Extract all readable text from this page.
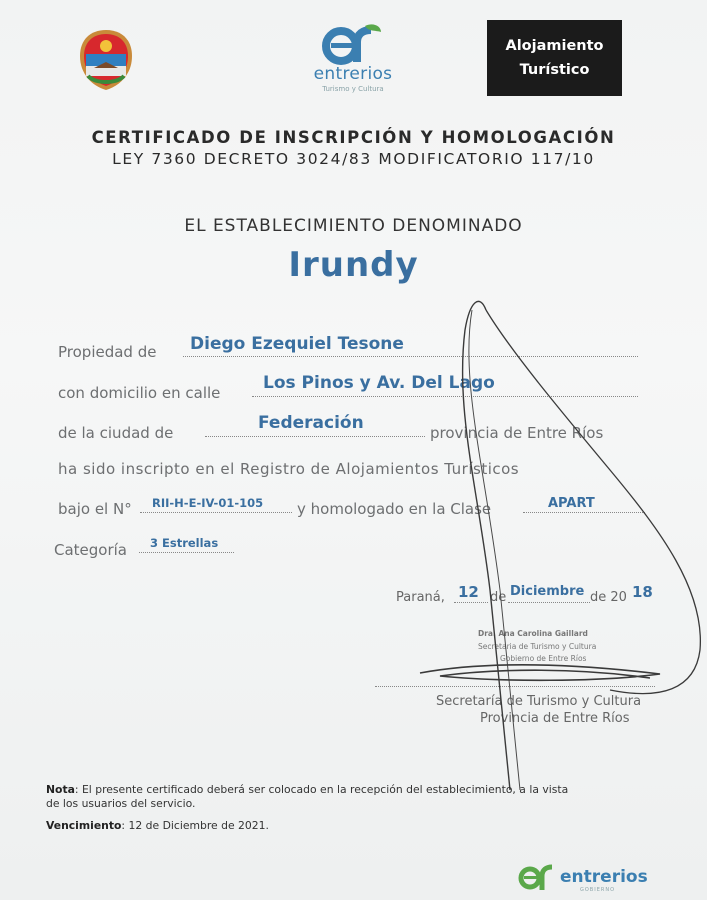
entrerios
Turismo y Cultura
Alojamiento
Turístico
CERTIFICADO DE INSCRIPCIÓN Y HOMOLOGACIÓN
LEY 7360 DECRETO 3024/83 MODIFICATORIO 117/10
EL ESTABLECIMIENTO DENOMINADO
Irundy
Propiedad de Diego Ezequiel Tesone
con domicilio en calle	Los Pinos y Av. Del Lago
de la ciudad de	Federación	provincia de Entre Ríos
ha sido inscripto en el Registro de Alojamientos Turísticos
bajo el N° RII-H-E-IV-01-105 y homologado en la Clase	APART
Categoría 3 Estrellas
Paraná, 12 de Diciembre de 20 18
Dra. Ana Carolina Gaillard
Secretaria de Turismo y Cultura
Gobierno de Entre Ríos
Secretaría de Turismo y Cultura
Provincia de Entre Ríos
Nota: El presente certificado deberá ser colocado en la recepción del establecimiento, a la vista
de los usuarios del servicio.
Vencimiento: 12 de Diciembre de 2021.
entrerios
GOBIERNO
